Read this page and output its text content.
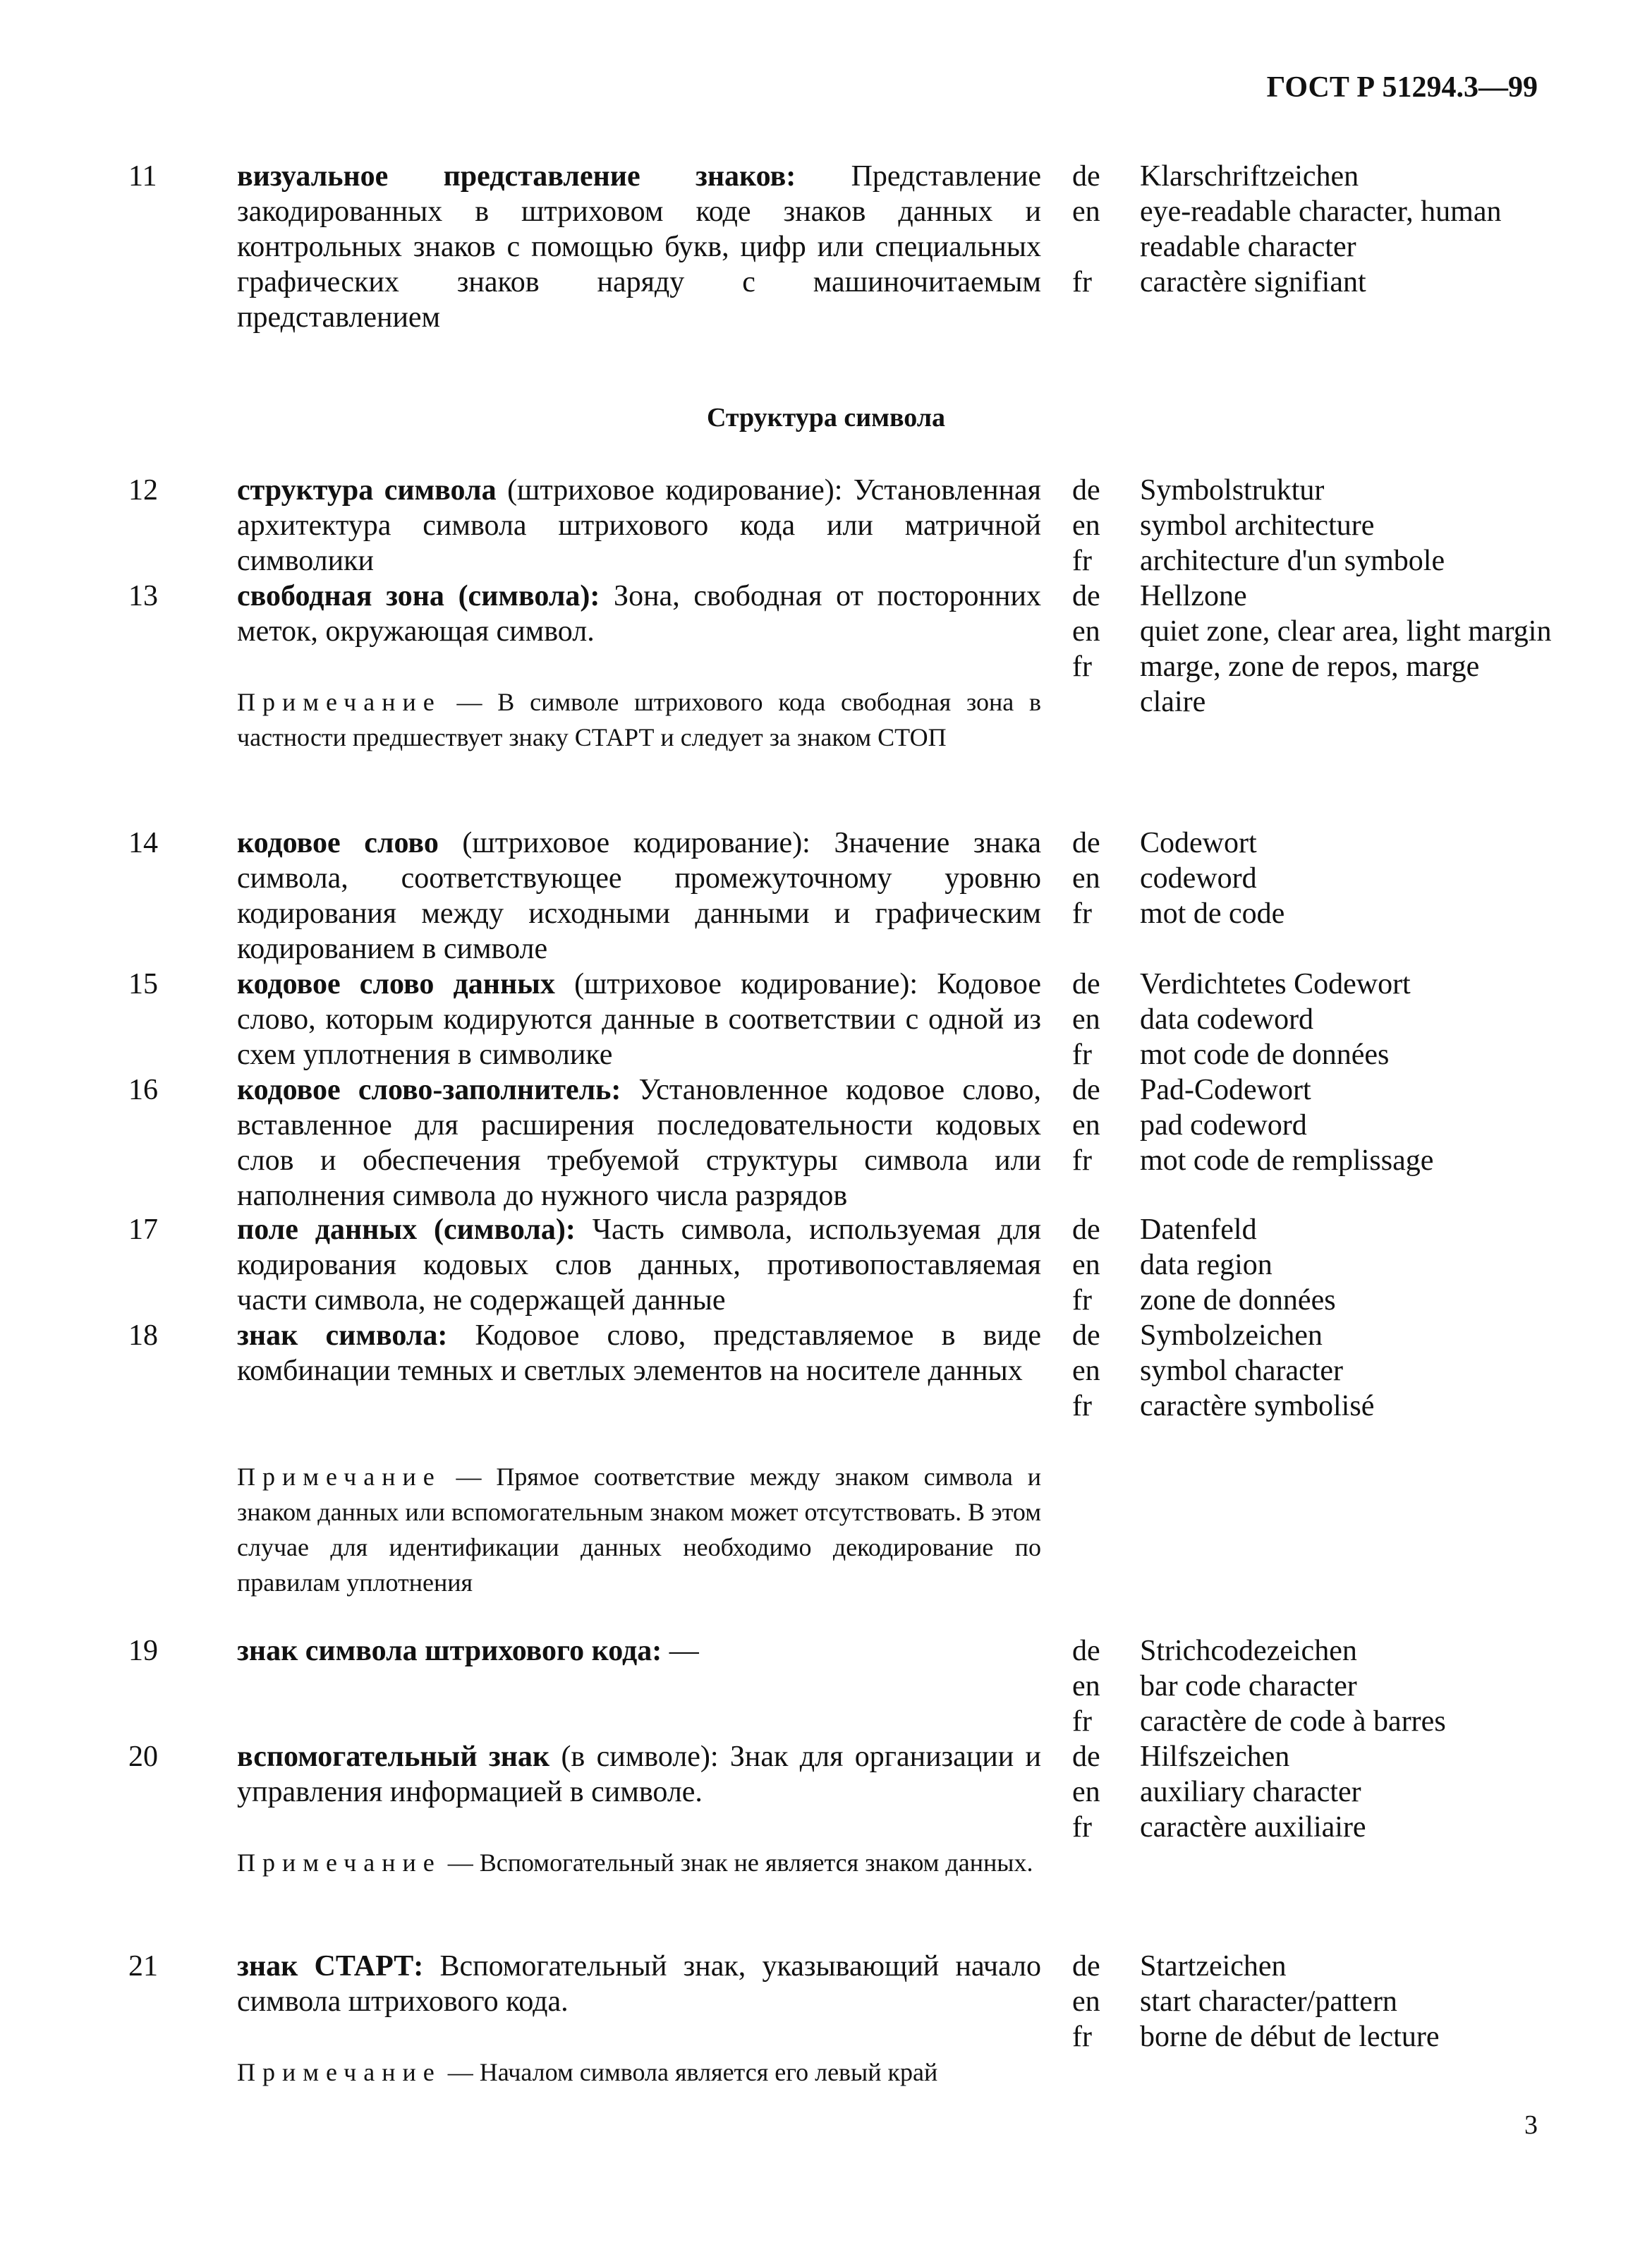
ГОСТ Р 51294.3—99
Структура символа
11	визуальное представление знаков: Представление закодированных в штриховом коде знаков данных и контрольных знаков с помощью букв, цифр или специальных графических знаков наряду с машиночитаемым представлением
de	Klarschriftzeichen
en	eye-readable character, human readable character
fr	caractère signifiant
12	структура символа (штриховое кодирование): Установленная архитектура символа штрихового кода или матричной символики
de	Symbolstruktur
en	symbol architecture
fr	architecture d'un symbole
13	свободная зона (символа): Зона, свободная от посторонних меток, окружающая символ.
Примечание — В символе штрихового кода свободная зона в частности предшествует знаку СТАРТ и следует за знаком СТОП
de	Hellzone
en	quiet zone, clear area, light margin
fr	marge, zone de repos, marge claire
14	кодовое слово (штриховое кодирование): Значение знака символа, соответствующее промежуточному уровню кодирования между исходными данными и графическим кодированием в символе
de	Codewort
en	codeword
fr	mot de code
15	кодовое слово данных (штриховое кодирование): Кодовое слово, которым кодируются данные в соответствии с одной из схем уплотнения в символике
de	Verdichtetes Codewort
en	data codeword
fr	mot code de données
16	кодовое слово-заполнитель: Установленное кодовое слово, вставленное для расширения последовательности кодовых слов и обеспечения требуемой структуры символа или наполнения символа до нужного числа разрядов
de	Pad-Codewort
en	pad codeword
fr	mot code de remplissage
17	поле данных (символа): Часть символа, используемая для кодирования кодовых слов данных, противопоставляемая части символа, не содержащей данные
de	Datenfeld
en	data region
fr	zone de données
18	знак символа: Кодовое слово, представляемое в виде комбинации темных и светлых элементов на носителе данных
Примечание — Прямое соответствие между знаком символа и знаком данных или вспомогательным знаком может отсутствовать. В этом случае для идентификации данных необходимо декодирование по правилам уплотнения
de	Symbolzeichen
en	symbol character
fr	caractère symbolisé
19	знак символа штрихового кода: —	de	Strichcodezeichen
en	bar code character
fr	caractère de code à barres
20	вспомогательный знак (в символе): Знак для организации и управления информацией в символе.
Примечание — Вспомогательный знак не является знаком данных.
de	Hilfszeichen
en	auxiliary character
fr	caractère auxiliaire
21	знак СТАРТ: Вспомогательный знак, указывающий начало символа штрихового кода.
Примечание — Началом символа является его левый край
de	Startzeichen
en	start character/pattern
fr	borne de début de lecture
3
